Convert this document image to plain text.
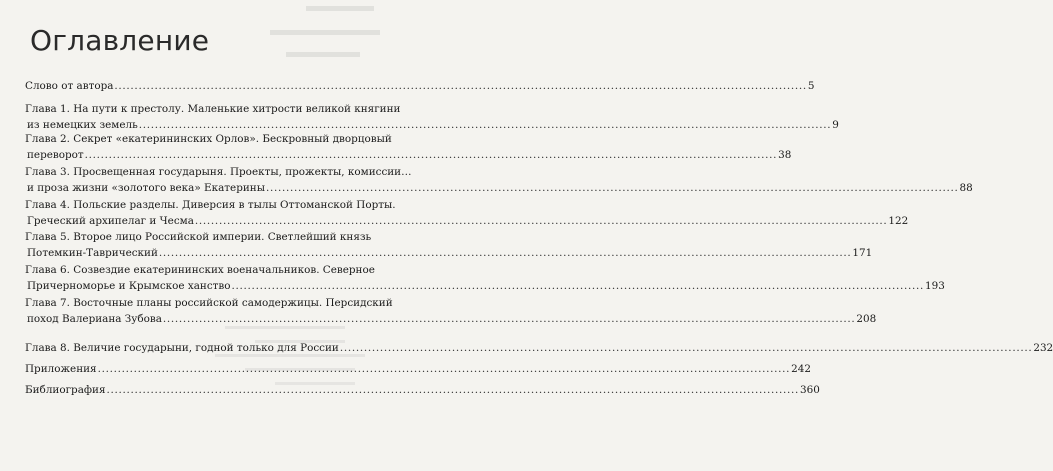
Оглавление
Слово от автора ............................................................................................................................................................................. 5
Глава 1. На пути к престолу. Маленькие хитрости великой княгини
из немецких земель ............................................................................................................................................................................. 9
Глава 2. Секрет «екатерининских Орлов». Бескровный дворцовый
переворот ............................................................................................................................................................................. 38
Глава 3. Просвещенная государыня. Проекты, прожекты, комиссии…
и проза жизни «золотого века» Екатерины ............................................................................................................................................................................. 88
Глава 4. Польские разделы. Диверсия в тылы Оттоманской Порты.
Греческий архипелаг и Чесма ............................................................................................................................................................................. 122
Глава 5. Второе лицо Российской империи. Светлейший князь
Потемкин-Таврический ............................................................................................................................................................................. 171
Глава 6. Созвездие екатерининских военачальников. Северное
Причерноморье и Крымское ханство ............................................................................................................................................................................. 193
Глава 7. Восточные планы российской самодержицы. Персидский
поход Валериана Зубова ............................................................................................................................................................................. 208
Глава 8. Величие государыни, годной только для России ............................................................................................................................................................................. 232
Приложения ............................................................................................................................................................................. 242
Библиография ............................................................................................................................................................................. 360
